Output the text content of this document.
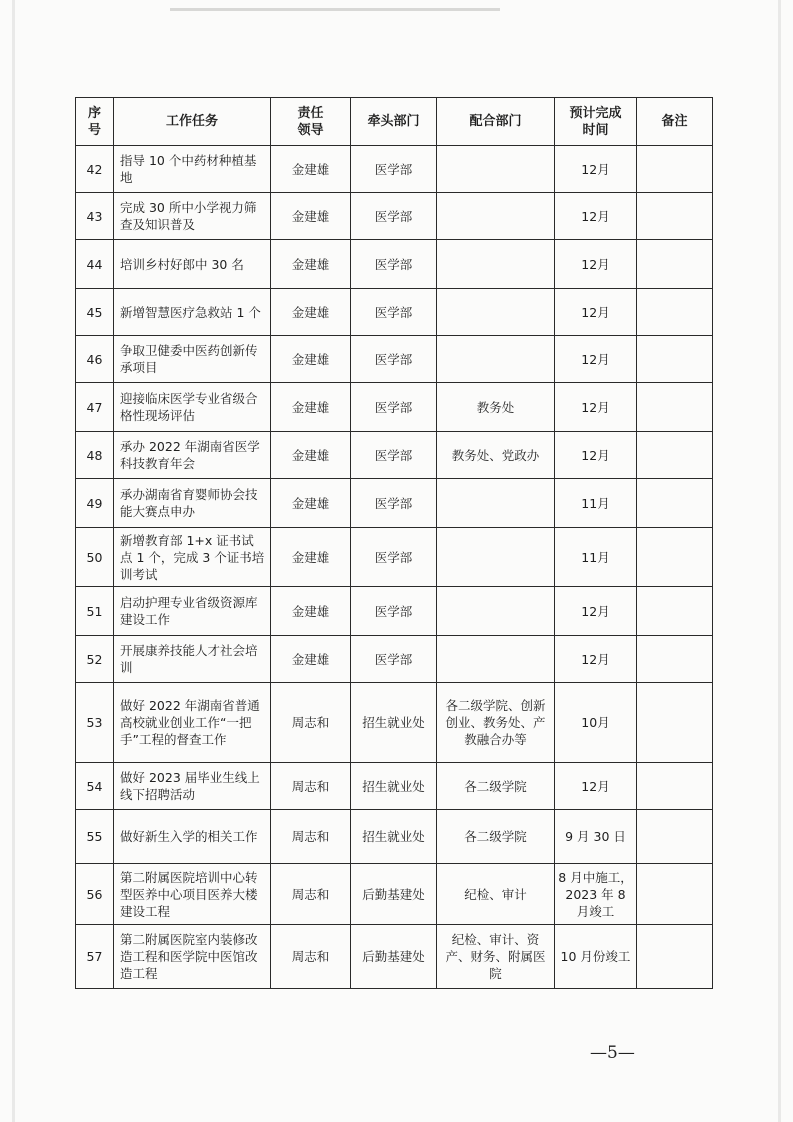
序号	工作任务	责任领导	牵头部门	配合部门	预计完成时间	备注
42	指导 10 个中药材种植基地	金建雄	医学部		12月	
43	完成 30 所中小学视力筛查及知识普及	金建雄	医学部		12月	
44	培训乡村好郎中 30 名	金建雄	医学部		12月	
45	新增智慧医疗急救站 1 个	金建雄	医学部		12月	
46	争取卫健委中医药创新传承项目	金建雄	医学部		12月	
47	迎接临床医学专业省级合格性现场评估	金建雄	医学部	教务处	12月	
48	承办 2022 年湖南省医学科技教育年会	金建雄	医学部	教务处、党政办	12月	
49	承办湖南省育婴师协会技能大赛点申办	金建雄	医学部		11月	
50	新增教育部 1+x 证书试点 1 个，完成 3 个证书培训考试	金建雄	医学部		11月	
51	启动护理专业省级资源库建设工作	金建雄	医学部		12月	
52	开展康养技能人才社会培训	金建雄	医学部		12月	
53	做好 2022 年湖南省普通高校就业创业工作“一把手”工程的督查工作	周志和	招生就业处	各二级学院、创新创业、教务处、产教融合办等	10月	
54	做好 2023 届毕业生线上线下招聘活动	周志和	招生就业处	各二级学院	12月	
55	做好新生入学的相关工作	周志和	招生就业处	各二级学院	9 月 30 日	
56	第二附属医院培训中心转型医养中心项目医养大楼建设工程	周志和	后勤基建处	纪检、审计	8 月中施工，2023 年 8 月竣工	
57	第二附属医院室内装修改造工程和医学院中医馆改造工程	周志和	后勤基建处	纪检、审计、资产、财务、附属医院	10 月份竣工	
—5—
